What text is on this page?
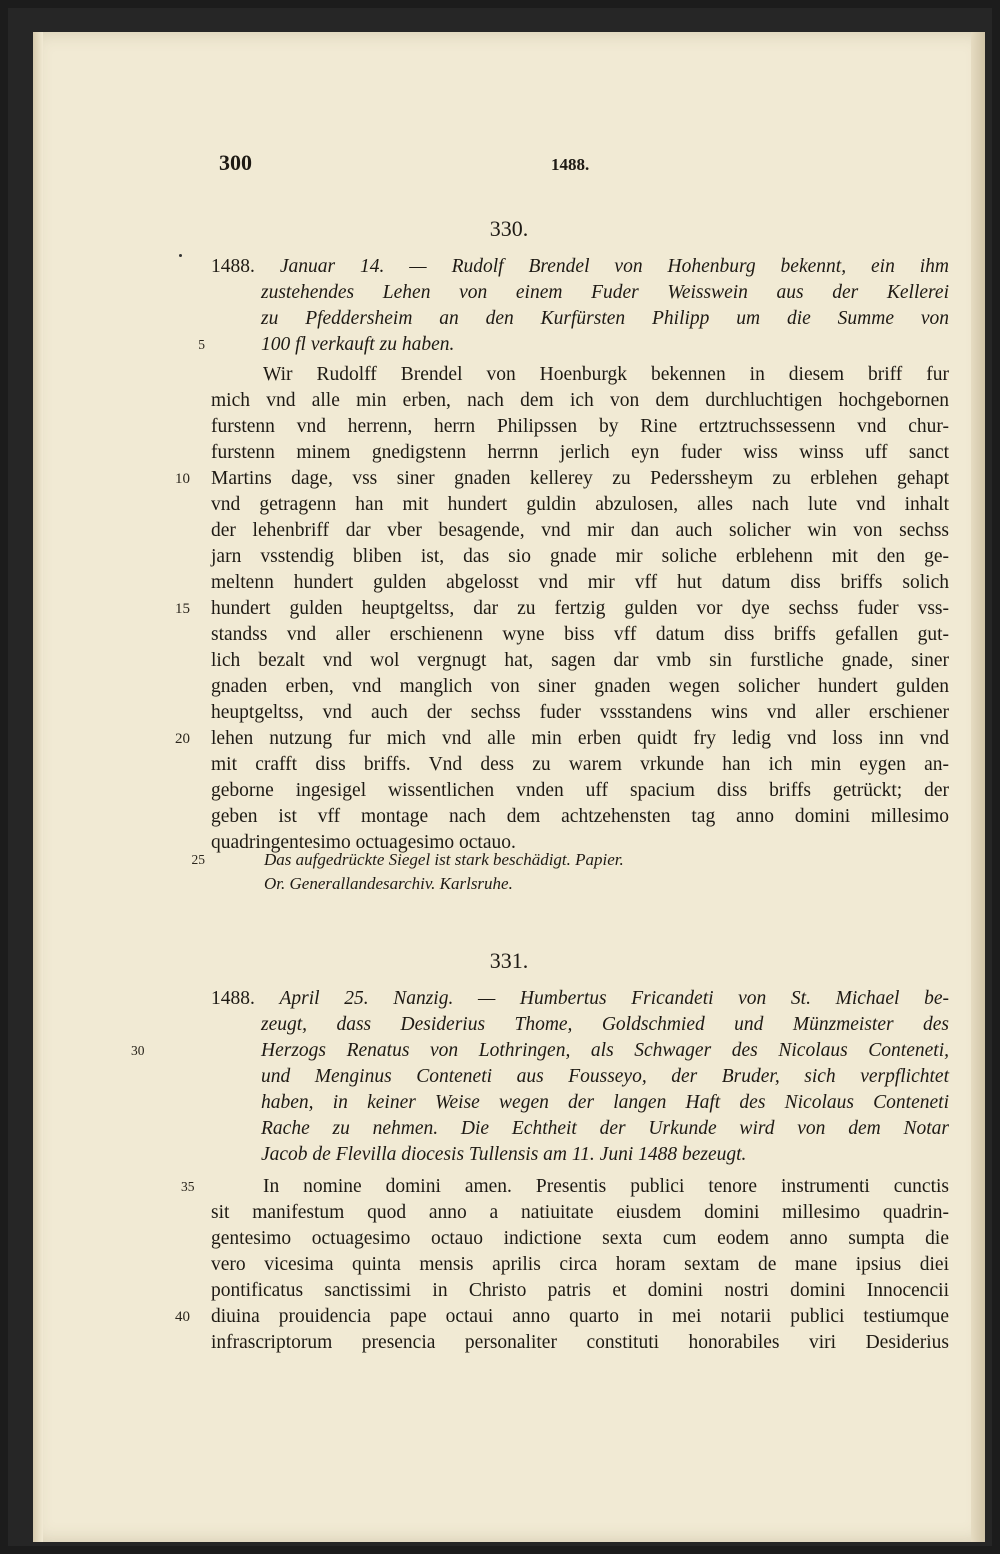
300	1488.
330.
1488. Januar 14. — Rudolf Brendel von Hohenburg bekennt, ein ihm
zustehendes Lehen von einem Fuder Weisswein aus der Kellerei
zu Pfeddersheim an den Kurfürsten Philipp um die Summe von
5	100 fl verkauft zu haben.
Wir Rudolff Brendel von Hoenburgk bekennen in diesem briff fur
mich vnd alle min erben, nach dem ich von dem durchluchtigen hochgebornen
furstenn vnd herrenn, herrn Philipssen by Rine ertztruchssessenn vnd chur-
furstenn minem gnedigstenn herrnn jerlich eyn fuder wiss winss uff sanct
10	Martins dage, vss siner gnaden kellerey zu Pederssheym zu erblehen gehapt
vnd getragenn han mit hundert guldin abzulosen, alles nach lute vnd inhalt
der lehenbriff dar vber besagende, vnd mir dan auch solicher win von sechss
jarn vsstendig bliben ist, das sio gnade mir soliche erblehenn mit den ge-
meltenn hundert gulden abgelosst vnd mir vff hut datum diss briffs solich
15	hundert gulden heuptgeltss, dar zu fertzig gulden vor dye sechss fuder vss-
standss vnd aller erschienenn wyne biss vff datum diss briffs gefallen gut-
lich bezalt vnd wol vergnugt hat, sagen dar vmb sin furstliche gnade, siner
gnaden erben, vnd manglich von siner gnaden wegen solicher hundert gulden
heuptgeltss, vnd auch der sechss fuder vssstandens wins vnd aller erschiener
20	lehen nutzung fur mich vnd alle min erben quidt fry ledig vnd loss inn vnd
mit crafft diss briffs. Vnd dess zu warem vrkunde han ich min eygen an-
geborne ingesigel wissentlichen vnden uff spacium diss briffs getrückt; der
geben ist vff montage nach dem achtzehensten tag anno domini millesimo
quadringentesimo octuagesimo octauo.
25	Das aufgedrückte Siegel ist stark beschädigt. Papier.
Or. Generallandesarchiv. Karlsruhe.
331.
1488. April 25. Nanzig. — Humbertus Fricandeti von St. Michael be-
zeugt, dass Desiderius Thome, Goldschmied und Münzmeister des
30	Herzogs Renatus von Lothringen, als Schwager des Nicolaus Conteneti,
und Menginus Conteneti aus Fousseyo, der Bruder, sich verpflichtet
haben, in keiner Weise wegen der langen Haft des Nicolaus Conteneti
Rache zu nehmen. Die Echtheit der Urkunde wird von dem Notar
Jacob de Flevilla diocesis Tullensis am 11. Juni 1488 bezeugt.
35	In nomine domini amen. Presentis publici tenore instrumenti cunctis
sit manifestum quod anno a natiuitate eiusdem domini millesimo quadrin-
gentesimo octuagesimo octauo indictione sexta cum eodem anno sumpta die
vero vicesima quinta mensis aprilis circa horam sextam de mane ipsius diei
pontificatus sanctissimi in Christo patris et domini nostri domini Innocencii
40	diuina prouidencia pape octaui anno quarto in mei notarii publici testiumque
infrascriptorum presencia personaliter constituti honorabiles viri Desiderius
